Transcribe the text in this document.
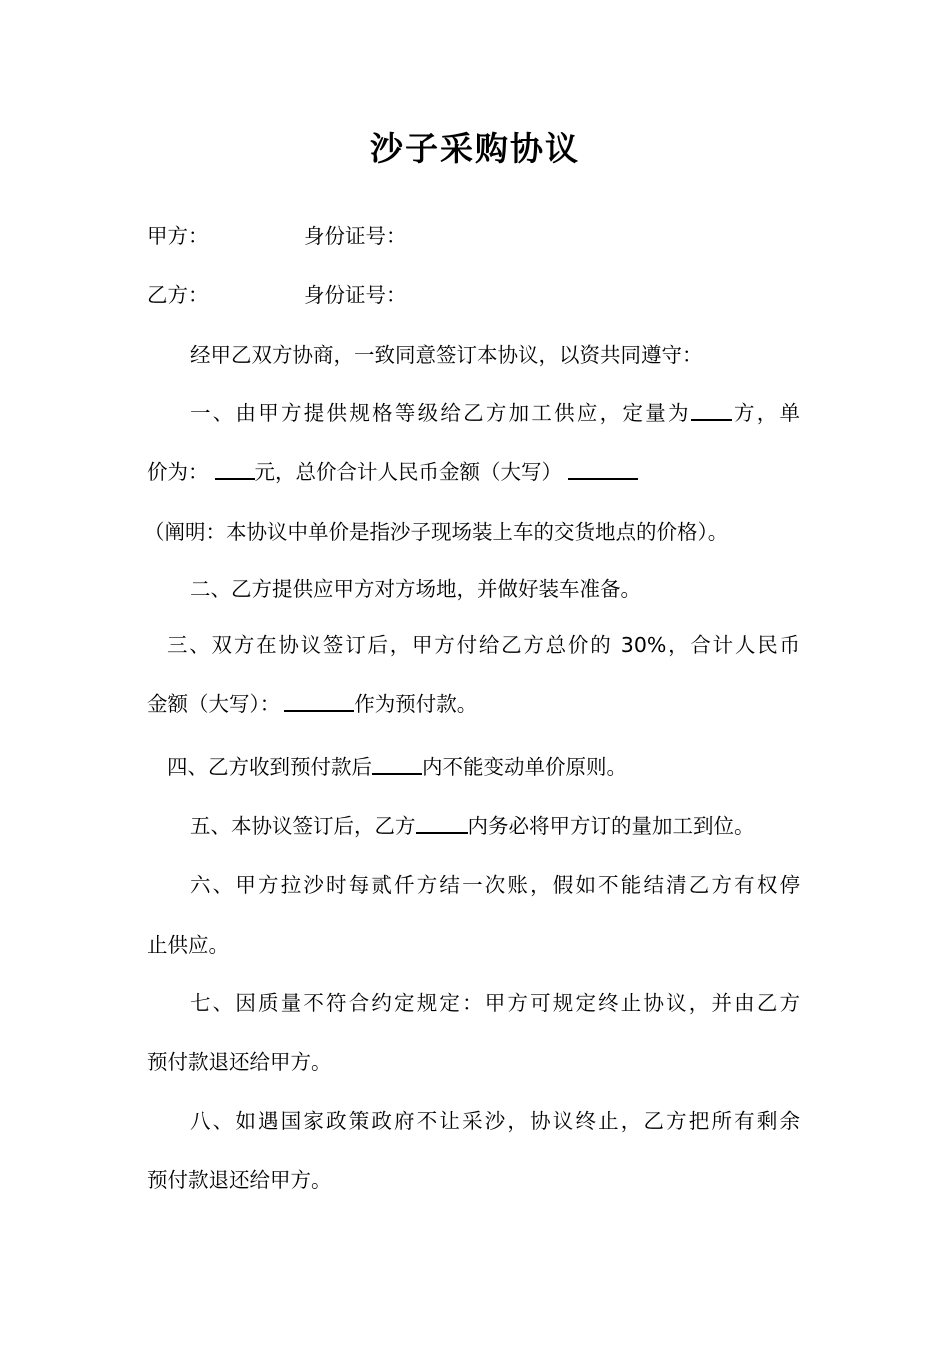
沙子采购协议
甲方：	身份证号：
乙方：	身份证号：
经甲乙双方协商，一致同意签订本协议，以资共同遵守：
一、由甲方提供规格等级给乙方加工供应，定量为 方，单
价为： 元，总价合计人民币金额（大写）
（阐明：本协议中单价是指沙子现场装上车的交货地点的价格）。
二、乙方提供应甲方对方场地，并做好装车准备。
三、双方在协议签订后，甲方付给乙方总价的 30%，合计人民币
金额（大写）：	作为预付款。
四、乙方收到预付款后 内不能变动单价原则。
五、本协议签订后，乙方	内务必将甲方订的量加工到位。
六、甲方拉沙时每贰仟方结一次账，假如不能结清乙方有权停
止供应。
七、因质量不符合约定规定：甲方可规定终止协议，并由乙方
预付款退还给甲方。
八、如遇国家政策政府不让采沙，协议终止，乙方把所有剩余
预付款退还给甲方。
